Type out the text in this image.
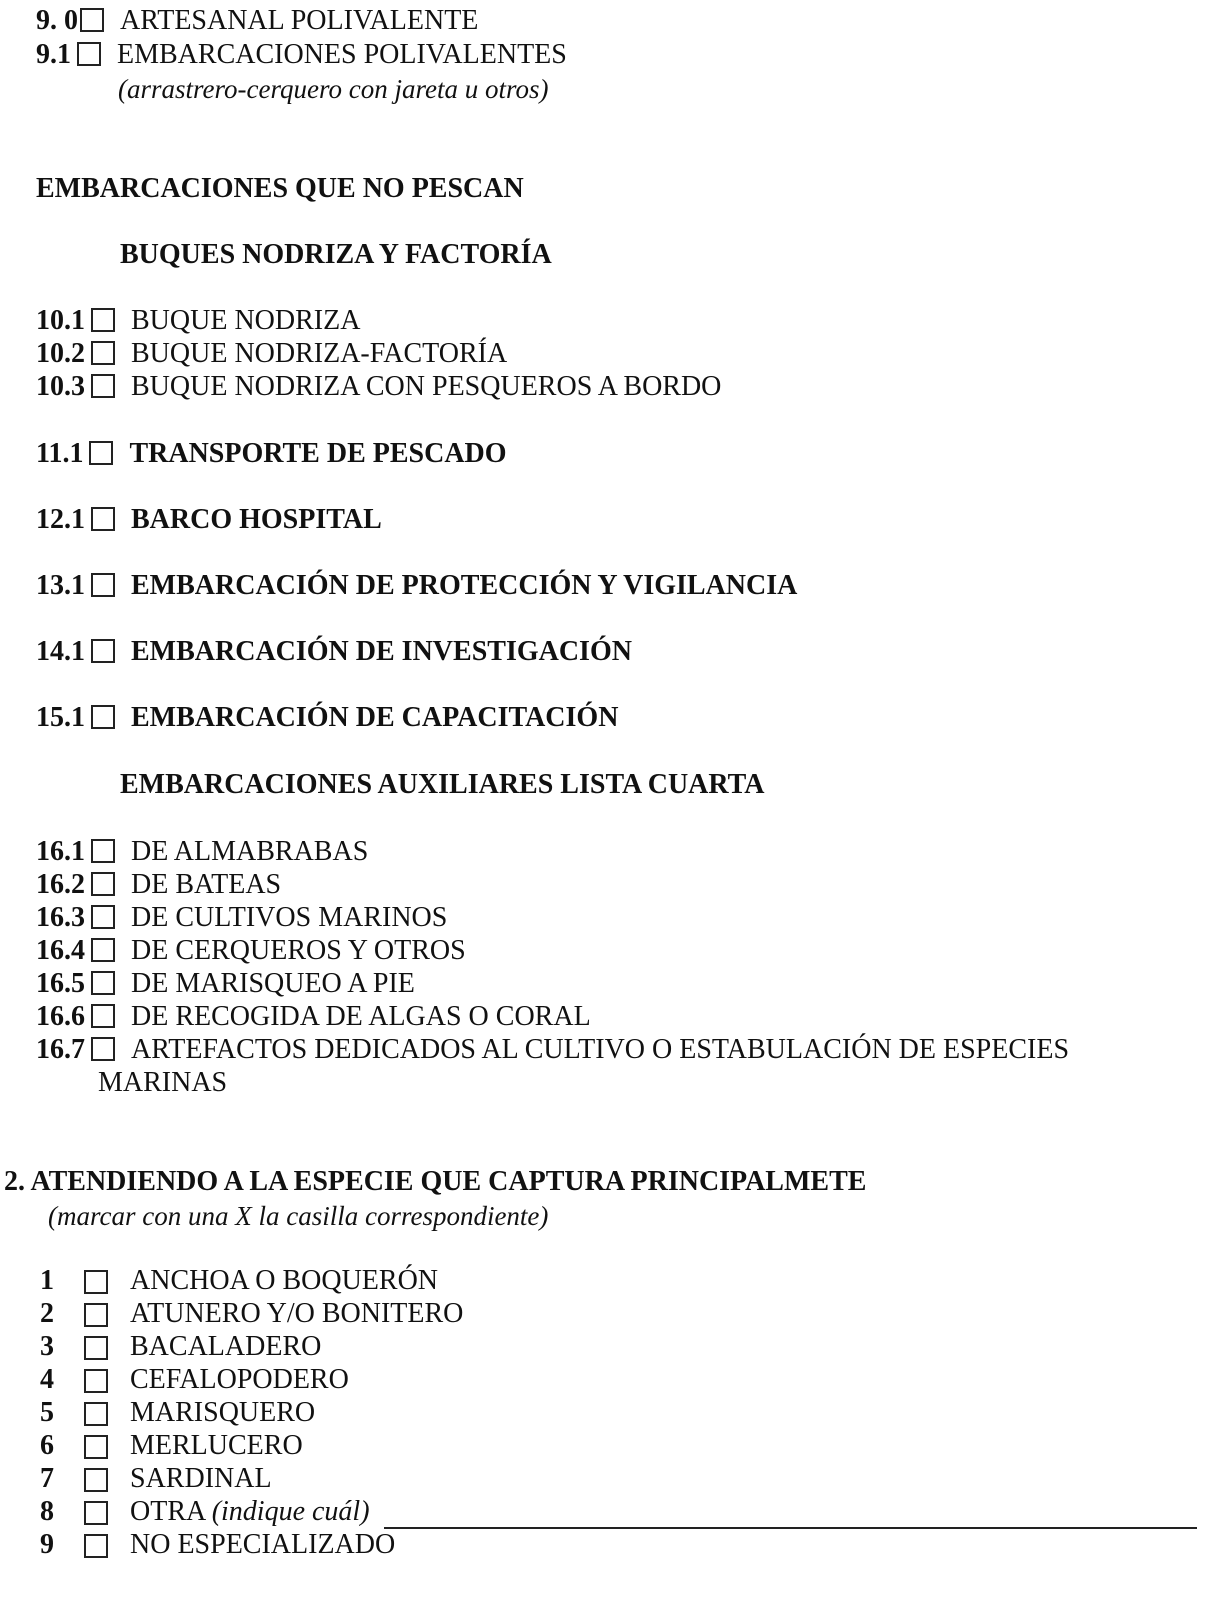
9. 0 ARTESANAL POLIVALENTE
9.1 EMBARCACIONES POLIVALENTES
(arrastrero-cerquero con jareta u otros)
EMBARCACIONES QUE NO PESCAN
BUQUES NODRIZA Y FACTORÍA
10.1 BUQUE NODRIZA
10.2 BUQUE NODRIZA-FACTORÍA
10.3 BUQUE NODRIZA CON PESQUEROS A BORDO
11.1 TRANSPORTE DE PESCADO
12.1 BARCO HOSPITAL
13.1 EMBARCACIÓN DE PROTECCIÓN Y VIGILANCIA
14.1 EMBARCACIÓN DE INVESTIGACIÓN
15.1 EMBARCACIÓN DE CAPACITACIÓN
EMBARCACIONES AUXILIARES LISTA CUARTA
16.1 DE ALMABRABAS
16.2 DE BATEAS
16.3 DE CULTIVOS MARINOS
16.4 DE CERQUEROS Y OTROS
16.5 DE MARISQUEO A PIE
16.6 DE RECOGIDA DE ALGAS O CORAL
16.7 ARTEFACTOS DEDICADOS AL CULTIVO O ESTABULACIÓN DE ESPECIES
MARINAS
2. ATENDIENDO A LA ESPECIE QUE CAPTURA PRINCIPALMETE
(marcar con una X la casilla correspondiente)
1	ANCHOA O BOQUERÓN
2	ATUNERO Y/O BONITERO
3	BACALADERO
4	CEFALOPODERO
5	MARISQUERO
6	MERLUCERO
7	SARDINAL
8	OTRA (indique cuál)
9	NO ESPECIALIZADO
